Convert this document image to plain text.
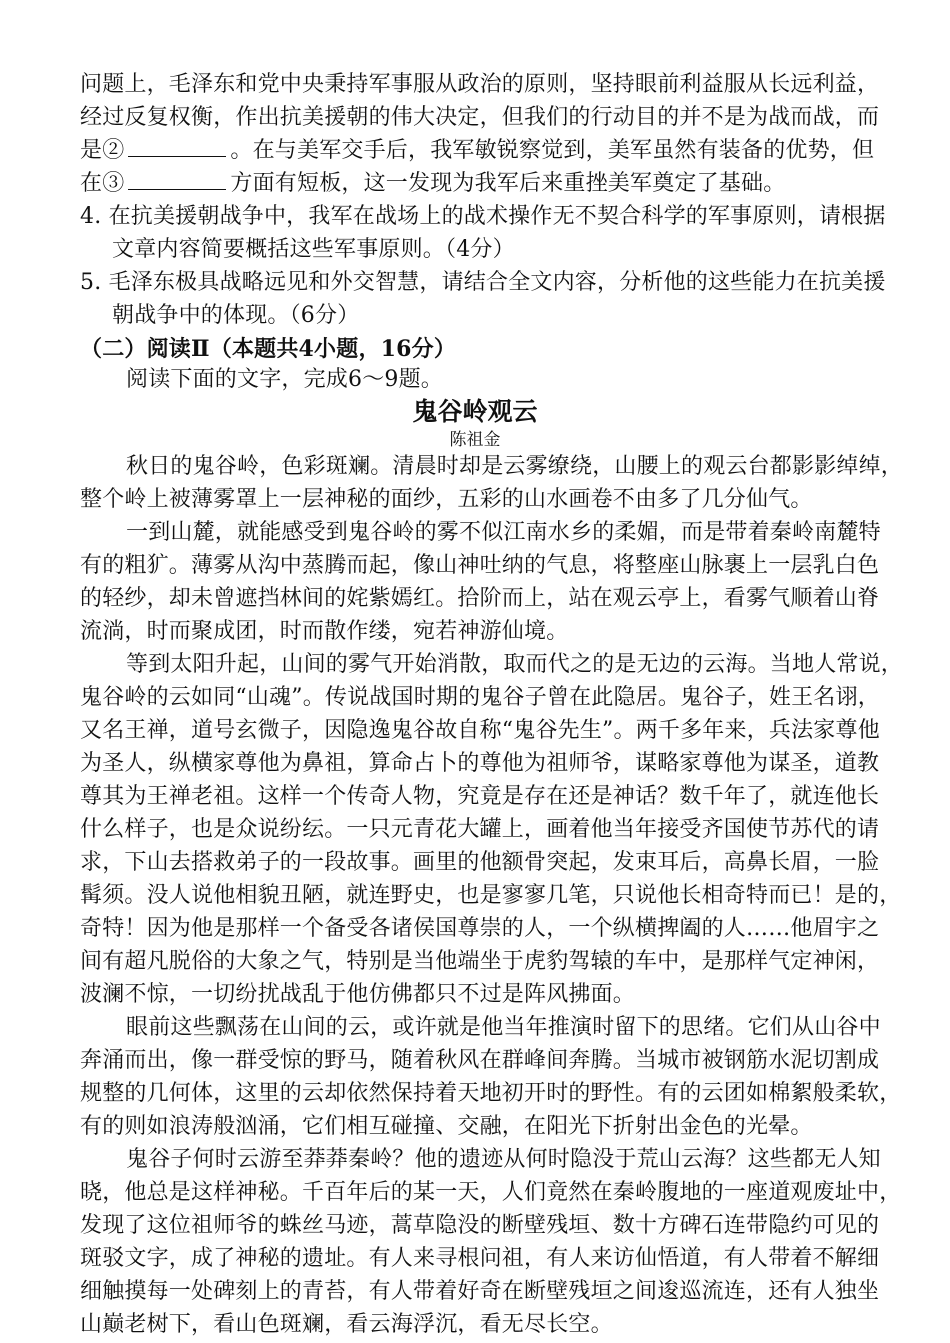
问题上，毛泽东和党中央秉持军事服从政治的原则，坚持眼前利益服从长远利益，
经过反复权衡，作出抗美援朝的伟大决定，但我们的行动目的并不是为战而战，而
是②	。在与美军交手后，我军敏锐察觉到，美军虽然有装备的优势，但
在③	方面有短板，这一发现为我军后来重挫美军奠定了基础。
4. 在抗美援朝战争中，我军在战场上的战术操作无不契合科学的军事原则，请根据
文章内容简要概括这些军事原则。（4分）
5. 毛泽东极具战略远见和外交智慧，请结合全文内容，分析他的这些能力在抗美援
朝战争中的体现。（6分）
（二）阅读Ⅱ（本题共4小题，16分）
阅读下面的文字，完成6～9题。
鬼谷岭观云
陈祖金
秋日的鬼谷岭，色彩斑斓。清晨时却是云雾缭绕，山腰上的观云台都影影绰绰，
整个岭上被薄雾罩上一层神秘的面纱，五彩的山水画卷不由多了几分仙气。
一到山麓，就能感受到鬼谷岭的雾不似江南水乡的柔媚，而是带着秦岭南麓特
有的粗犷。薄雾从沟中蒸腾而起，像山神吐纳的气息，将整座山脉裹上一层乳白色
的轻纱，却未曾遮挡林间的姹紫嫣红。拾阶而上，站在观云亭上，看雾气顺着山脊
流淌，时而聚成团，时而散作缕，宛若神游仙境。
等到太阳升起，山间的雾气开始消散，取而代之的是无边的云海。当地人常说，
鬼谷岭的云如同“山魂”。传说战国时期的鬼谷子曾在此隐居。鬼谷子，姓王名诩，
又名王禅，道号玄微子，因隐逸鬼谷故自称“鬼谷先生”。两千多年来，兵法家尊他
为圣人，纵横家尊他为鼻祖，算命占卜的尊他为祖师爷，谋略家尊他为谋圣，道教
尊其为王禅老祖。这样一个传奇人物，究竟是存在还是神话？数千年了，就连他长
什么样子，也是众说纷纭。一只元青花大罐上，画着他当年接受齐国使节苏代的请
求，下山去搭救弟子的一段故事。画里的他额骨突起，发束耳后，高鼻长眉，一脸
髯须。没人说他相貌丑陋，就连野史，也是寥寥几笔，只说他长相奇特而已！是的，
奇特！因为他是那样一个备受各诸侯国尊崇的人，一个纵横捭阖的人……他眉宇之
间有超凡脱俗的大象之气，特别是当他端坐于虎豹驾辕的车中，是那样气定神闲，
波澜不惊，一切纷扰战乱于他仿佛都只不过是阵风拂面。
眼前这些飘荡在山间的云，或许就是他当年推演时留下的思绪。它们从山谷中
奔涌而出，像一群受惊的野马，随着秋风在群峰间奔腾。当城市被钢筋水泥切割成
规整的几何体，这里的云却依然保持着天地初开时的野性。有的云团如棉絮般柔软，
有的则如浪涛般汹涌，它们相互碰撞、交融，在阳光下折射出金色的光晕。
鬼谷子何时云游至莽莽秦岭？他的遗迹从何时隐没于荒山云海？这些都无人知
晓，他总是这样神秘。千百年后的某一天，人们竟然在秦岭腹地的一座道观废址中，
发现了这位祖师爷的蛛丝马迹，蒿草隐没的断壁残垣、数十方碑石连带隐约可见的
斑驳文字，成了神秘的遗址。有人来寻根问祖，有人来访仙悟道，有人带着不解细
细触摸每一处碑刻上的青苔，有人带着好奇在断壁残垣之间逡巡流连，还有人独坐
山巅老树下，看山色斑斓，看云海浮沉，看无尽长空。
